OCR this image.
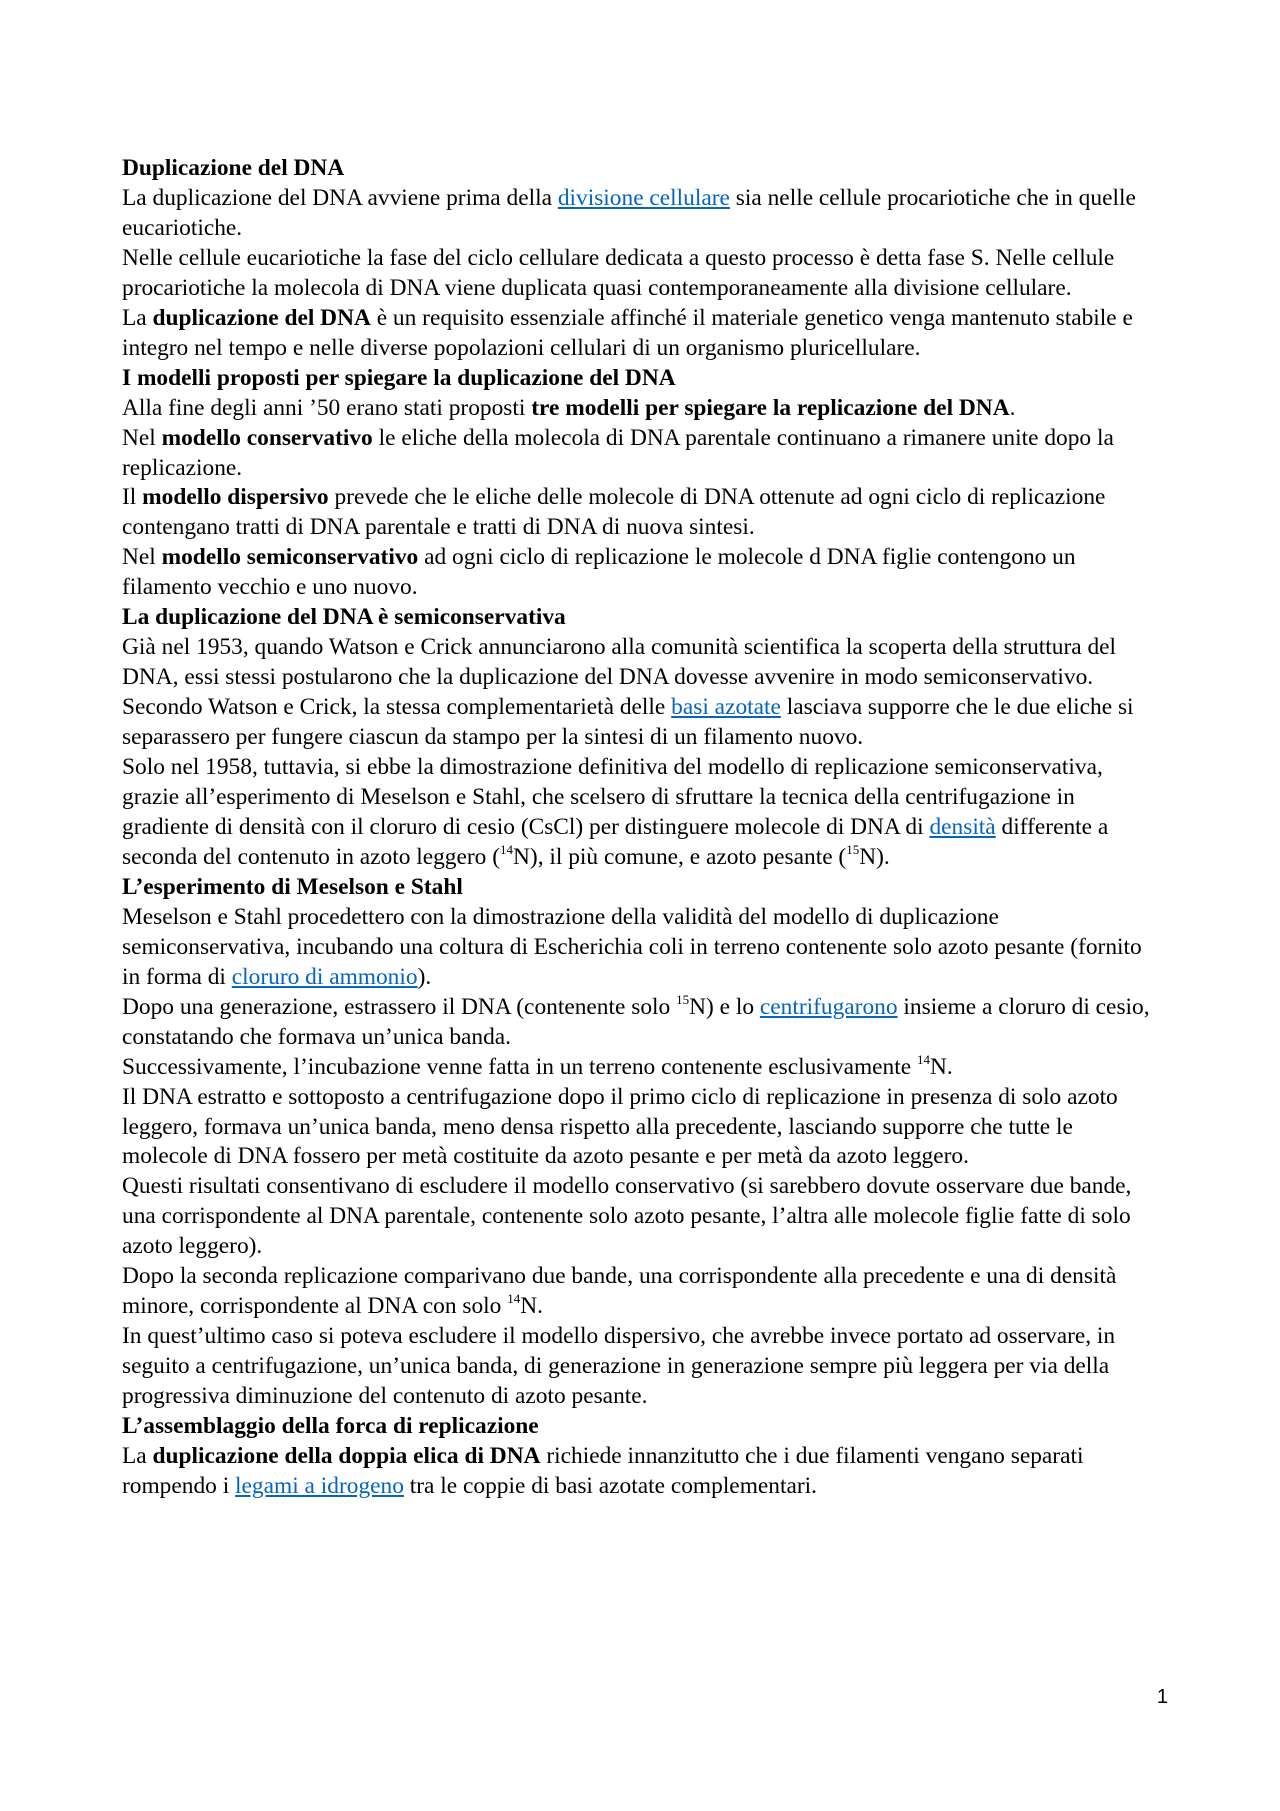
Duplicazione del DNA

La duplicazione del DNA avviene prima della divisione cellulare sia nelle cellule procariotiche che in quelle eucariotiche.

Nelle cellule eucariotiche la fase del ciclo cellulare dedicata a questo processo è detta fase S. Nelle cellule procariotiche la molecola di DNA viene duplicata quasi contemporaneamente alla divisione cellulare.

La duplicazione del DNA è un requisito essenziale affinché il materiale genetico venga mantenuto stabile e integro nel tempo e nelle diverse popolazioni cellulari di un organismo pluricellulare.

I modelli proposti per spiegare la duplicazione del DNA

Alla fine degli anni ’50 erano stati proposti tre modelli per spiegare la replicazione del DNA.

Nel modello conservativo le eliche della molecola di DNA parentale continuano a rimanere unite dopo la replicazione.

Il modello dispersivo prevede che le eliche delle molecole di DNA ottenute ad ogni ciclo di replicazione contengano tratti di DNA parentale e tratti di DNA di nuova sintesi.

Nel modello semiconservativo ad ogni ciclo di replicazione le molecole d DNA figlie contengono un filamento vecchio e uno nuovo.

La duplicazione del DNA è semiconservativa

Già nel 1953, quando Watson e Crick annunciarono alla comunità scientifica la scoperta della struttura del DNA, essi stessi postularono che la duplicazione del DNA dovesse avvenire in modo semiconservativo.

Secondo Watson e Crick, la stessa complementarietà delle basi azotate lasciava supporre che le due eliche si separassero per fungere ciascun da stampo per la sintesi di un filamento nuovo.

Solo nel 1958, tuttavia, si ebbe la dimostrazione definitiva del modello di replicazione semiconservativa, grazie all’esperimento di Meselson e Stahl, che scelsero di sfruttare la tecnica della centrifugazione in gradiente di densità con il cloruro di cesio (CsCl) per distinguere molecole di DNA di densità differente a seconda del contenuto in azoto leggero ($^{14}$N), il più comune, e azoto pesante ($^{15}$N).

L’esperimento di Meselson e Stahl

Meselson e Stahl procedettero con la dimostrazione della validità del modello di duplicazione semiconservativa, incubando una coltura di Escherichia coli in terreno contenente solo azoto pesante (fornito in forma di cloruro di ammonio).

Dopo una generazione, estrassero il DNA (contenente solo $^{15}$N) e lo centrifugarono insieme a cloruro di cesio, constatando che formava un’unica banda.

Successivamente, l’incubazione venne fatta in un terreno contenente esclusivamente $^{14}$N.

Il DNA estratto e sottoposto a centrifugazione dopo il primo ciclo di replicazione in presenza di solo azoto leggero, formava un’unica banda, meno densa rispetto alla precedente, lasciando supporre che tutte le molecole di DNA fossero per metà costituite da azoto pesante e per metà da azoto leggero.

Questi risultati consentivano di escludere il modello conservativo (si sarebbero dovute osservare due bande, una corrispondente al DNA parentale, contenente solo azoto pesante, l’altra alle molecole figlie fatte di solo azoto leggero).

Dopo la seconda replicazione comparivano due bande, una corrispondente alla precedente e una di densità minore, corrispondente al DNA con solo $^{14}$N.

In quest’ultimo caso si poteva escludere il modello dispersivo, che avrebbe invece portato ad osservare, in seguito a centrifugazione, un’unica banda, di generazione in generazione sempre più leggera per via della progressiva diminuzione del contenuto di azoto pesante.

L’assemblaggio della forca di replicazione

La duplicazione della doppia elica di DNA richiede innanzitutto che i due filamenti vengano separati rompendo i legami a idrogeno tra le coppie di basi azotate complementari.

1
